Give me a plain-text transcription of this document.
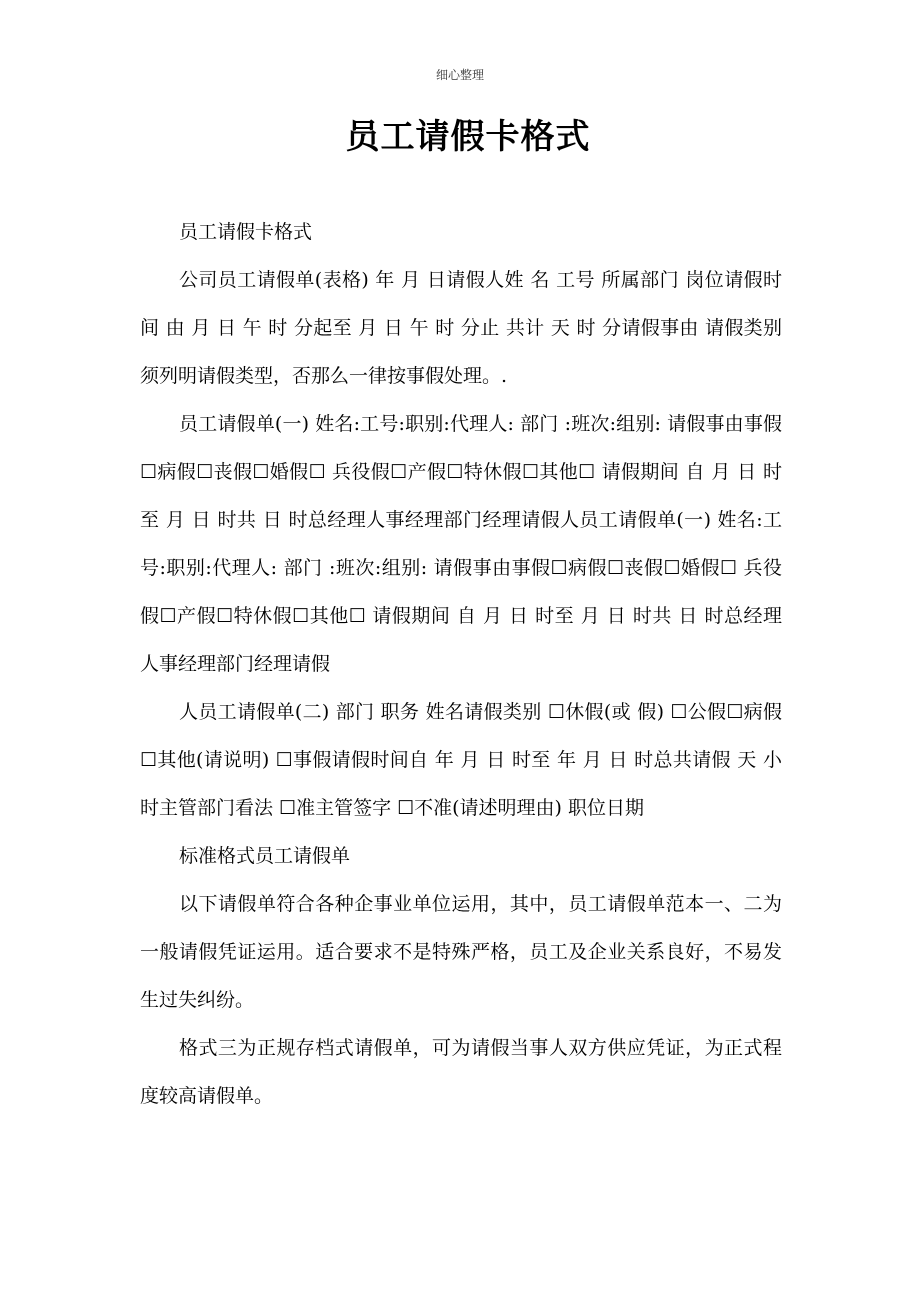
细心整理
员工请假卡格式

员工请假卡格式

公司员工请假单(表格) 年 月 日请假人姓 名 工号 所属部门 岗位请假时 间 由 月 日 午 时 分起至 月 日 午 时 分止 共计 天 时 分请假事由 请假类别 须列明请假类型，否那么一律按事假处理。.

员工请假单(一) 姓名:工号:职别:代理人: 部门 :班次:组别: 请假事由事假☐病假☐丧假☐婚假☐ 兵役假☐产假☐特休假☐其他☐ 请假期间 自 月 日 时至 月 日 时共 日 时总经理人事经理部门经理请假人员工请假单(一) 姓名:工号:职别:代理人: 部门 :班次:组别: 请假事由事假☐病假☐丧假☐婚假☐ 兵役假☐产假☐特休假☐其他☐ 请假期间 自 月 日 时至 月 日 时共 日 时总经理 人事经理部门经理请假

人员工请假单(二) 部门 职务 姓名请假类别 ☐休假(或 假) ☐公假☐病假 ☐其他(请说明) ☐事假请假时间自 年 月 日 时至 年 月 日 时总共请假 天 小时主管部门看法 ☐准主管签字 ☐不准(请述明理由) 职位日期

标准格式员工请假单

以下请假单符合各种企事业单位运用，其中，员工请假单范本一、二为一般请假凭证运用。适合要求不是特殊严格，员工及企业关系良好，不易发生过失纠纷。

格式三为正规存档式请假单，可为请假当事人双方供应凭证，为正式程度较高请假单。
